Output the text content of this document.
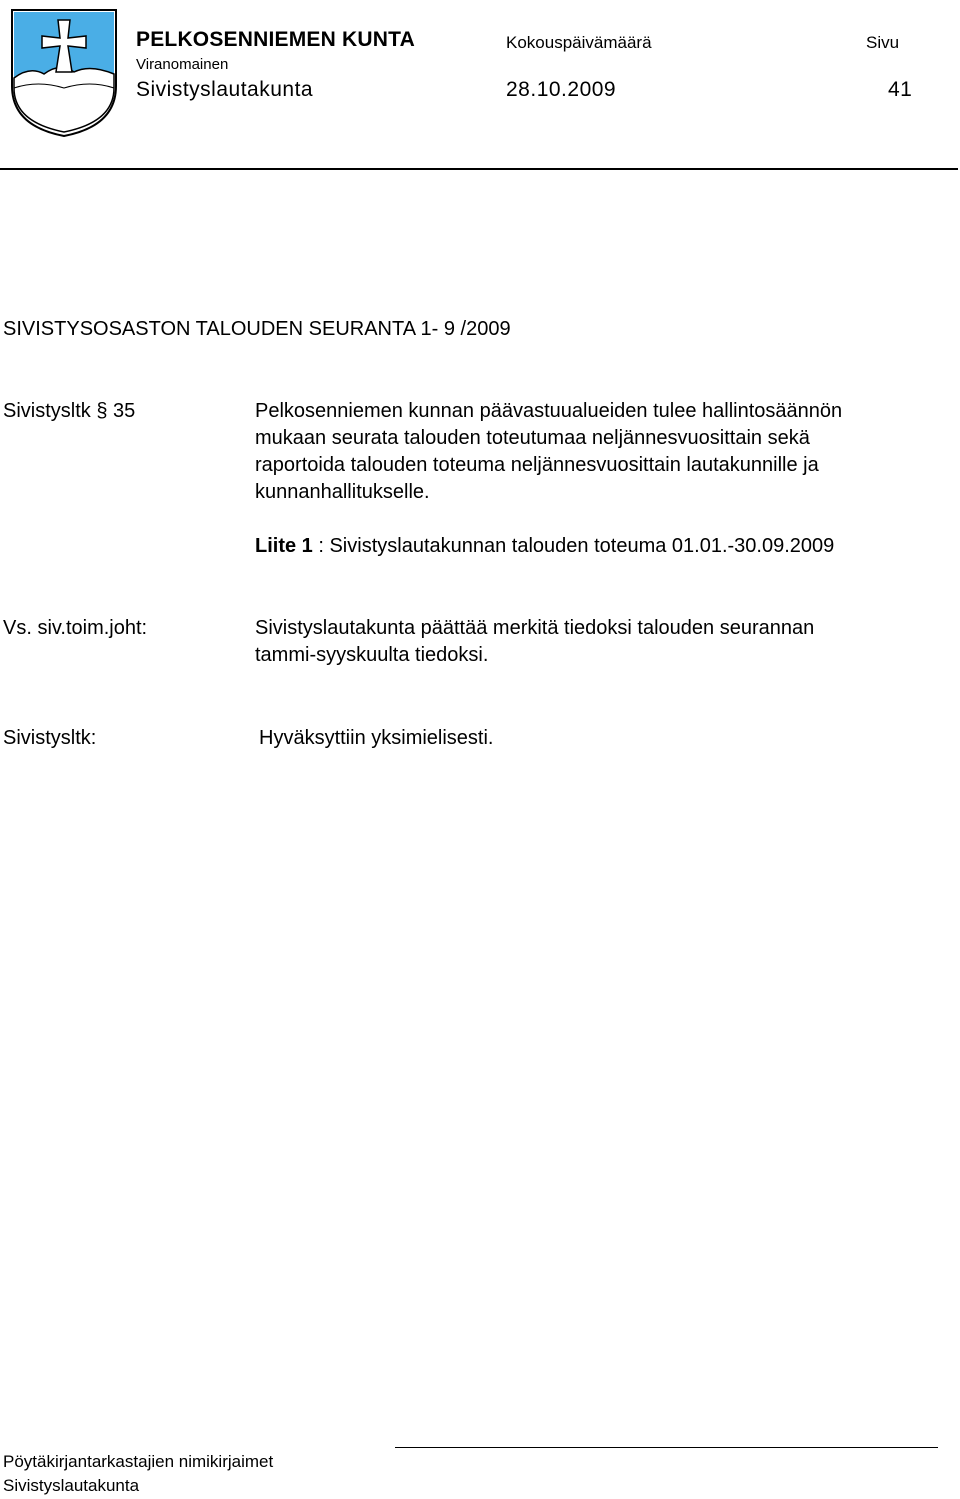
PELKOSENNIEMEN KUNTA
Viranomainen
Sivistyslautakunta
Kokouspäivämäärä
28.10.2009
Sivu
41
SIVISTYSOSASTON TALOUDEN SEURANTA 1- 9 /2009
Sivistysltk § 35	Pelkosenniemen kunnan päävastuualueiden tulee hallintosäännön
mukaan seurata talouden toteutumaa neljännesvuosittain sekä
raportoida talouden toteuma neljännesvuosittain lautakunnille ja
kunnanhallitukselle.
Liite 1 : Sivistyslautakunnan talouden toteuma 01.01.-30.09.2009
Vs. siv.toim.joht:	Sivistyslautakunta päättää merkitä tiedoksi talouden seurannan
tammi-syyskuulta tiedoksi.
Sivistysltk:	Hyväksyttiin yksimielisesti.
Pöytäkirjantarkastajien nimikirjaimet
Sivistyslautakunta
